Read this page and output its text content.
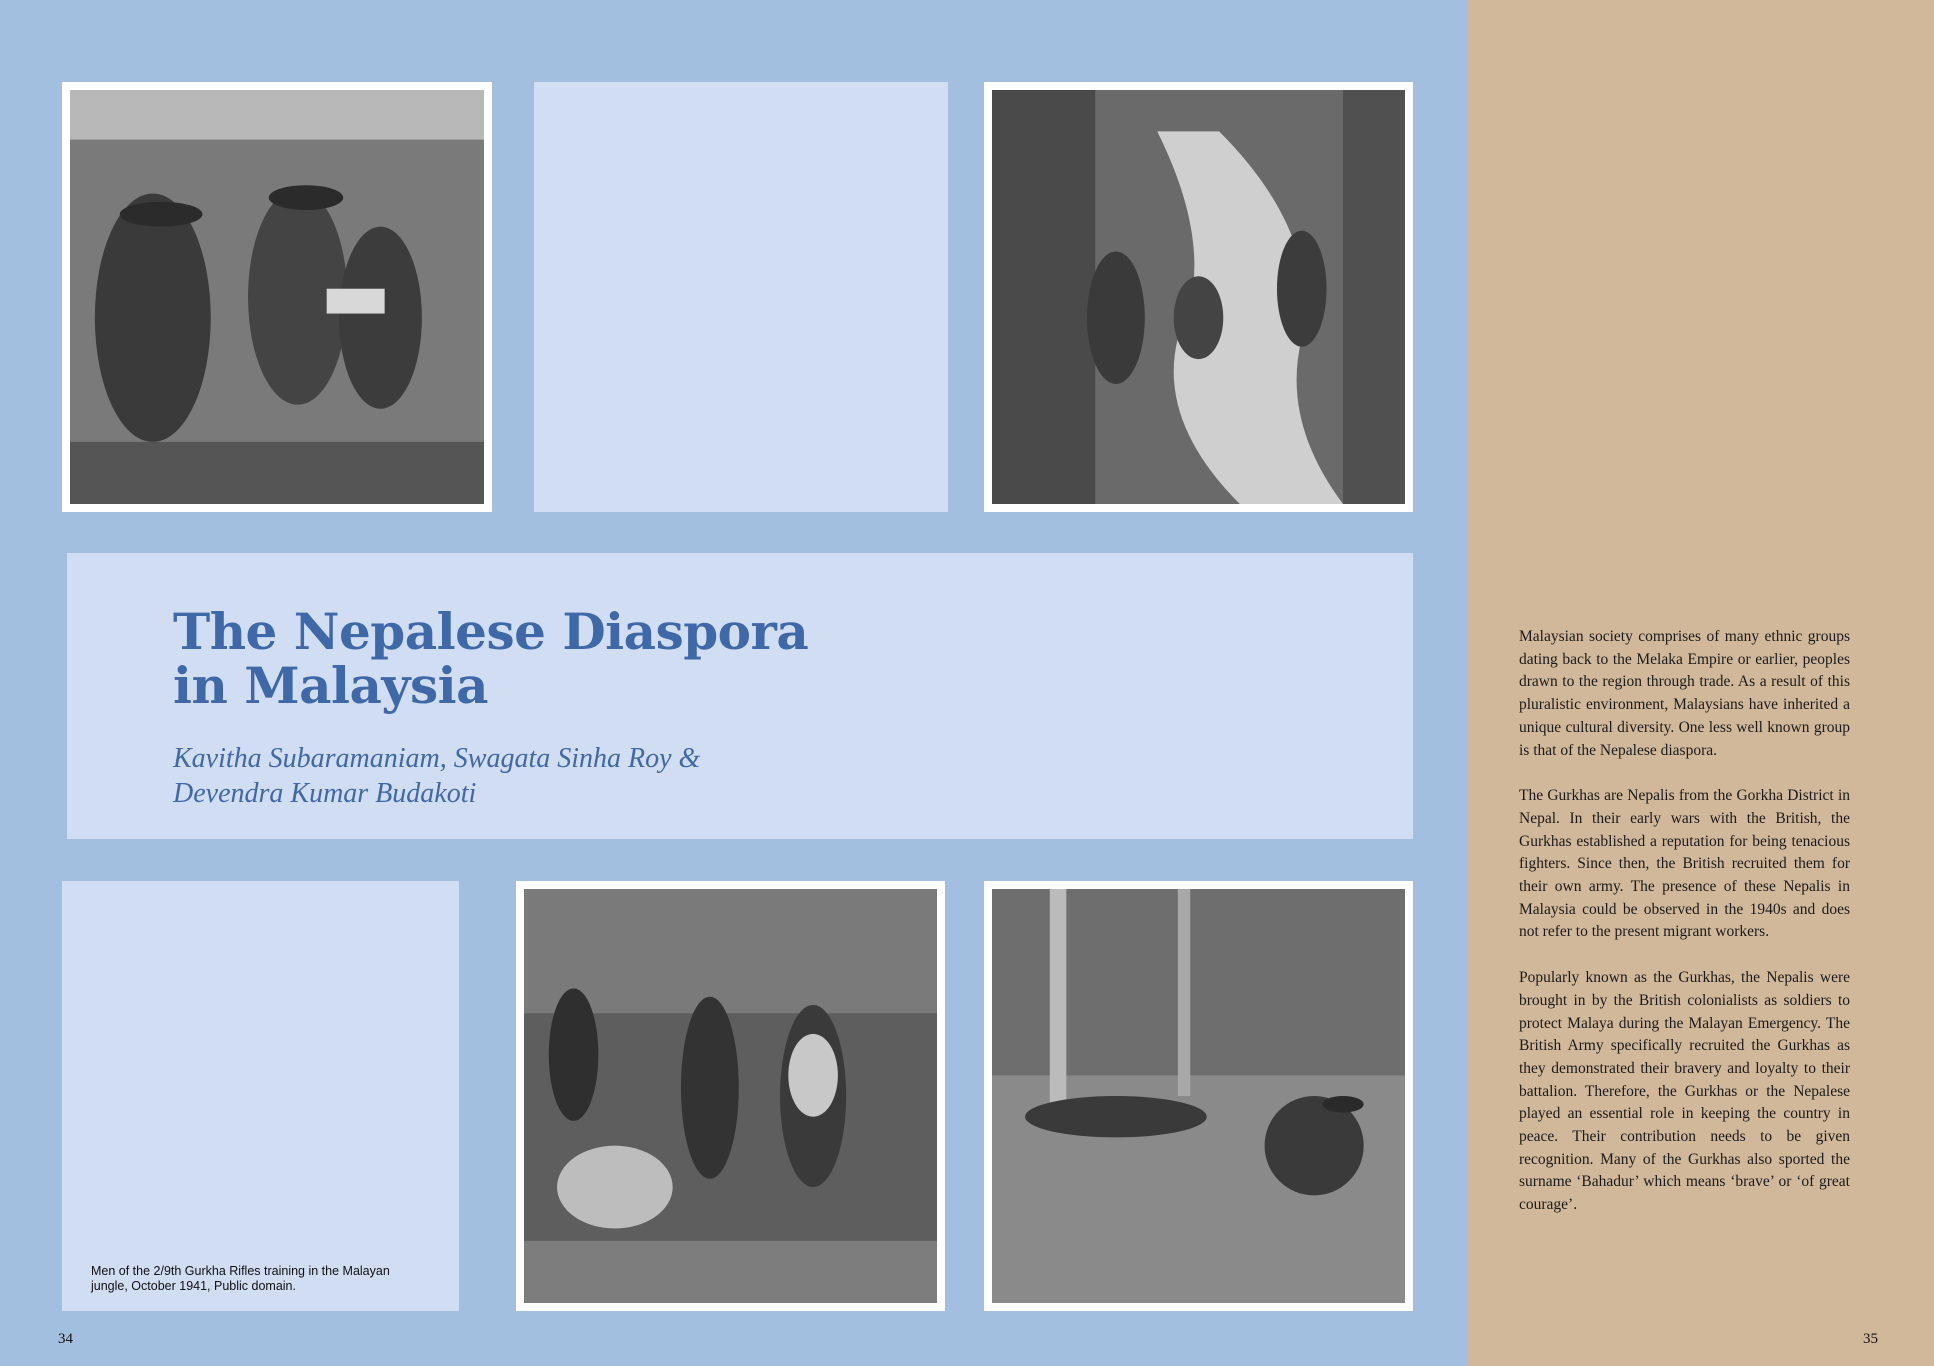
The Nepalese Diaspora in Malaysia

Kavitha Subaramaniam, Swagata Sinha Roy & Devendra Kumar Budakoti

Men of the 2/9th Gurkha Rifles training in the Malayan jungle, October 1941, Public domain.

34	35

Malaysian society comprises of many ethnic groups dating back to the Melaka Empire or earlier, peoples drawn to the region through trade. As a result of this pluralistic environment, Malaysians have inherited a unique cultural diversity. One less well known group is that of the Nepalese diaspora.

The Gurkhas are Nepalis from the Gorkha District in Nepal. In their early wars with the British, the Gurkhas established a reputation for being tenacious fighters. Since then, the British recruited them for their own army. The presence of these Nepalis in Malaysia could be observed in the 1940s and does not refer to the present migrant workers.

Popularly known as the Gurkhas, the Nepalis were brought in by the British colonialists as soldiers to protect Malaya during the Malayan Emergency. The British Army specifically recruited the Gurkhas as they demonstrated their bravery and loyalty to their battalion. Therefore, the Gurkhas or the Nepalese played an essential role in keeping the country in peace. Their contribution needs to be given recognition. Many of the Gurkhas also sported the surname ‘Bahadur’ which means ‘brave’ or ‘of great courage’.
